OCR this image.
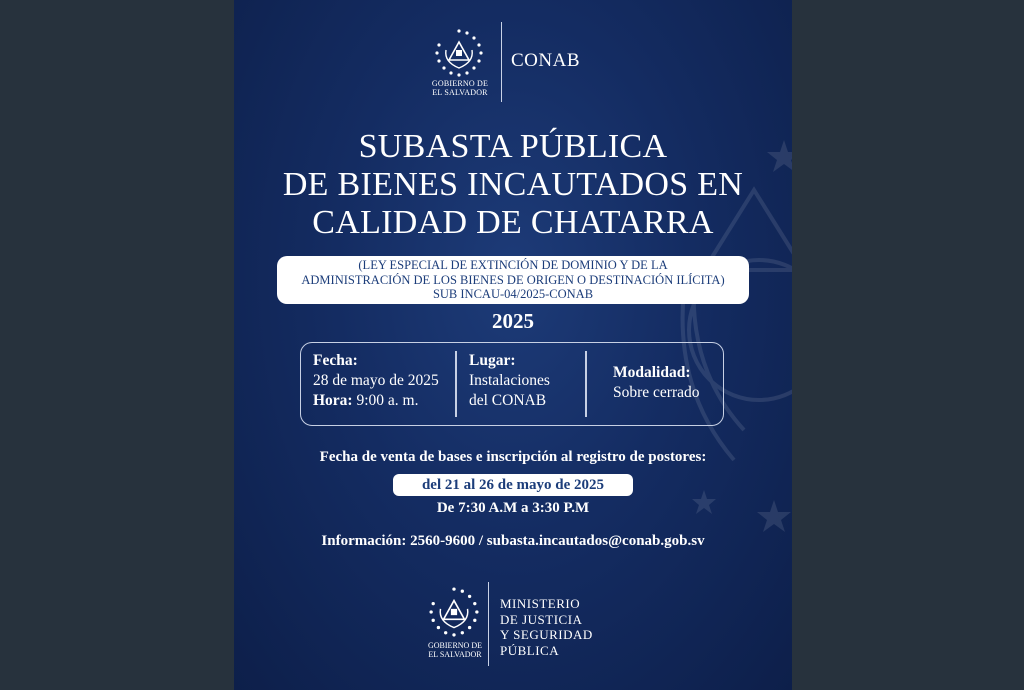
GOBIERNO DE
EL SALVADOR
CONAB
SUBASTA PÚBLICA
DE BIENES INCAUTADOS EN
CALIDAD DE CHATARRA
(LEY ESPECIAL DE EXTINCIÓN DE DOMINIO Y DE LA
ADMINISTRACIÓN DE LOS BIENES DE ORIGEN O DESTINACIÓN ILÍCITA)
SUB INCAU-04/2025-CONAB
2025
Fecha:
28 de mayo de 2025
Hora: 9:00 a. m.
Lugar:
Instalaciones
del CONAB
Modalidad:
Sobre cerrado
Fecha de venta de bases e inscripción al registro de postores:
del 21 al 26 de mayo de 2025
De 7:30 A.M a 3:30 P.M
Información: 2560-9600 / subasta.incautados@conab.gob.sv
GOBIERNO DE
EL SALVADOR
MINISTERIO
DE JUSTICIA
Y SEGURIDAD
PÚBLICA
